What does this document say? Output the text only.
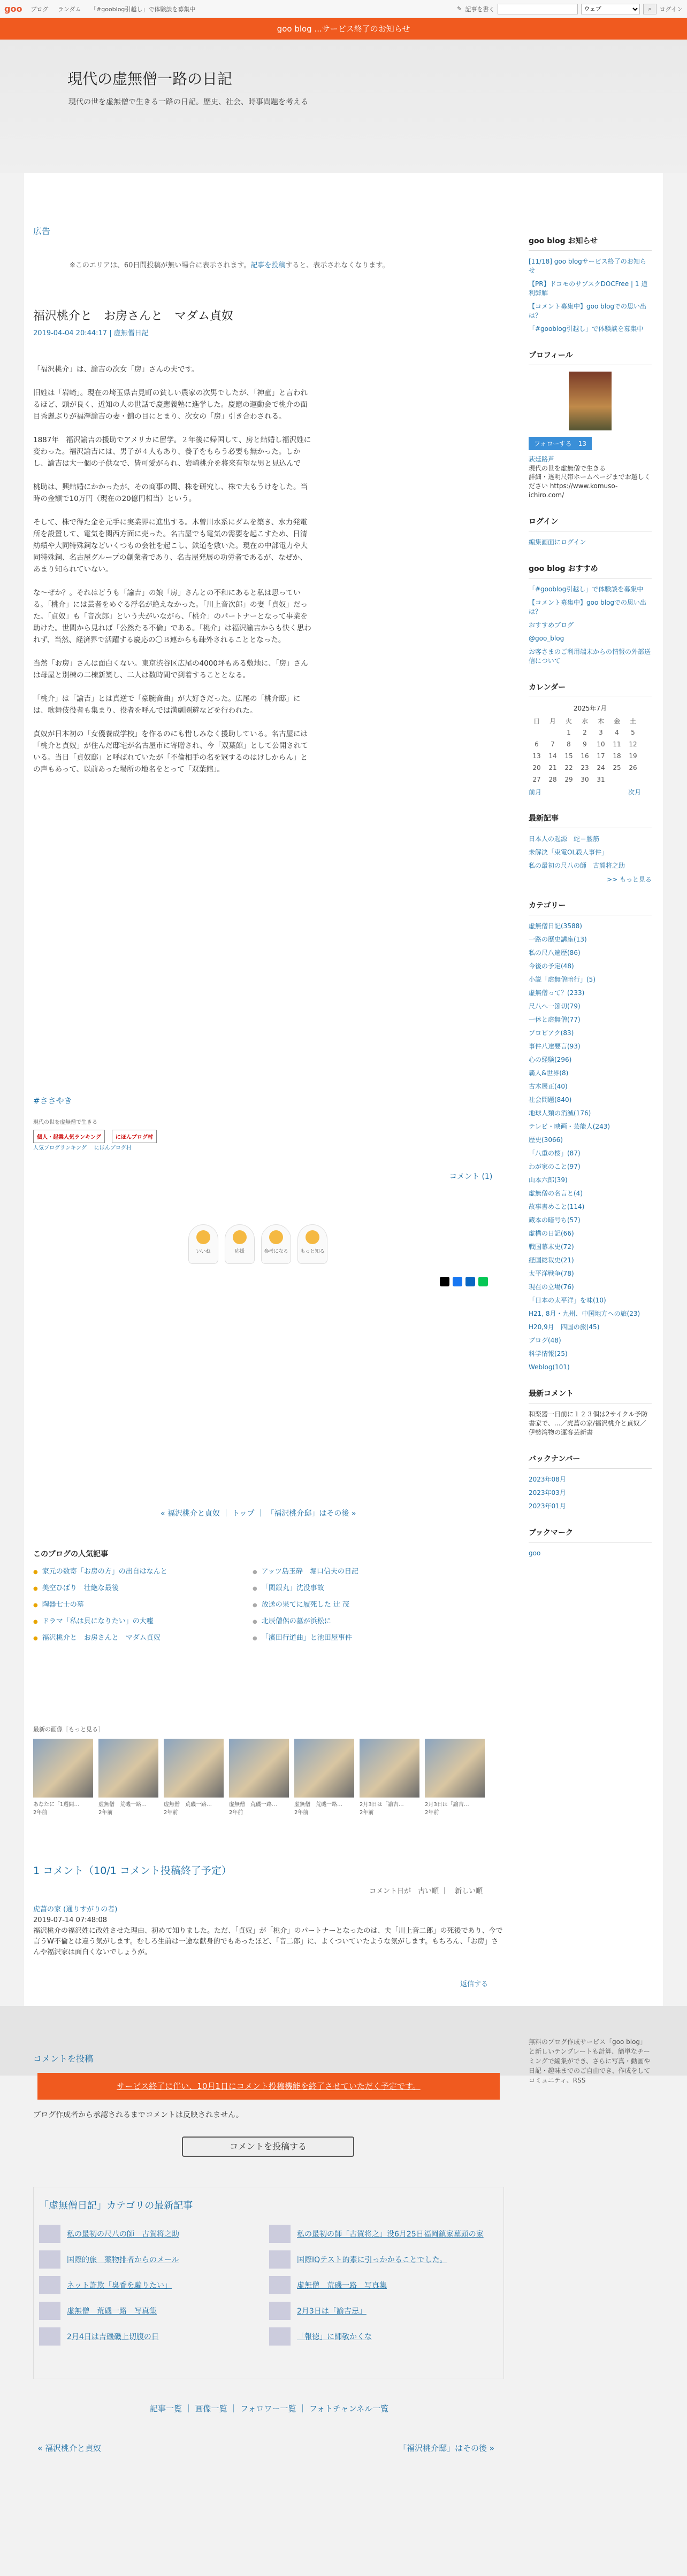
goo ブログ ランダム 「#gooblog引越し」で体験談を募集中	✎ 記事を書く
ウェブ	⌕ ログイン
goo blog ...サービス終了のお知らせ
現代の虚無僧一路の日記

現代の世を虚無僧で生きる一路の日記。歴史、社会、時事問題を考える

広告
※このエリアは、60日間投稿が無い場合に表示されます。記事を投稿すると、表示されなくなります。
福沢桃介と　お房さんと　マダム貞奴
2019-04-04 20:44:17 | 虚無僧日記

「福沢桃介」は、諭吉の次女「房」さんの夫です。

旧姓は「岩崎」。現在の埼玉県吉見町の貧しい農家の次男でしたが、「神童」と言われるほど、頭が良く、近知の人の世話で慶應義塾に進学した。慶應の運動会で桃介の面目秀麗ぶりが福澤諭吉の妻・錦の目にとまり、次女の「房」引き合わされる。

1887年　福沢諭吉の援助でアメリカに留学。２年後に帰国して、房と結婚し福沢姓に変わった。福沢諭吉には、男子が４人もあり、養子をもらう必要も無かった。しかし、諭吉は大一個の子供なで、皆可愛がられ、岩崎桃介を将来有望な男と見込んで

桃助は、興結婚にかかったが、その商事の間、株を研究し、株で大もうけをした。当時の金額で10万円（現在の20億円相当）という。

そして、株で得た金を元手に実業界に進出する。木曽川水系にダムを築き、水力発電所を設置して、電気を関西方面に売った。名古屋でも電気の需要を起こすため、日清紡績や大同特殊鋼などいくつもの会社を起こし、鉄道を敷いた。現在の中部電力や大同特殊鋼、名古屋グループの創業者であり、名古屋発展の功労者であるが、なぜか、あまり知られていない。

な～ぜか？。それはどうも「諭吉」の娘「房」さんとの不和にあると私は思っている。「桃介」には芸者をめぐる浮名が絶えなかった。「川上音次郎」の妻「貞奴」だった。「貞奴」も「音次郎」という夫がいながら、「桃介」のパートナーとなって事業を助けた。世間から見れば「公然たる不倫」である。「桃介」は福沢諭吉からも快く思われず、当然、経済界で活躍する慶応の〇Ｂ連からも疎外されることとなった。

当然「お房」さんは面白くない。東京渋谷区広尾の4000坪もある敷地に、「房」さんは母屋と別棟の二棟新築し、二人は数時間で到着することとなる。

「桃介」は「諭吉」とは真逆で「豪腕音曲」が大好きだった。広尾の「桃介邸」には、歌舞伎役者も集まり、役者を呼んでは満劇圏遊などを行われた。

貞奴が日本初の「女優養成学校」を作るのにも惜しみなく援助している。名古屋には「桃介と貞奴」が住んだ邸宅が名古屋市に寄贈され、今「双葉館」として公開されている。当日「貞奴邸」と呼ばれていたが「不倫相手の名を冠するのはけしからん」との声もあって、以前あった場所の地名をとって「双葉館」。

#ささやき
現代の世を虚無僧で生きる
個人・起業人気ランキング	にほんブログ村
人気ブログランキング にほんブログ村
コメント (1)
いいね	応援	参考になる	もっと知る
« 福沢桃介と貞奴 ｜ トップ ｜ 「福沢桃介邸」はその後 »
このブログの人気記事
● 家元の数寄「お房の方」の出自はなんと	● アッツ島玉砕　堀口信夫の日記
● 美空ひばり　壮絶な最後	● 「関銀丸」沈没事故
● 陶器七士の墓	● 放送の果てに履死した 辻 茂
● ドラマ「私は貝になりたい」の大嘘	● 北辰僧侶の墓が浜松に
● 福沢桃介と　お房さんと　マダム貞奴	● 「濱田行道曲」と池田屋事件
最新の画像［もっと見る］
あなたに「1週間…
2年前
虚無僧　荒磯一路…
2年前
虚無僧　荒磯一路…
2年前
虚無僧　荒磯一路…
2年前
虚無僧　荒磯一路…
2年前
2月3日は「諭吉…
2年前
2月3日は「諭吉…
2年前
1 コメント（10/1 コメント投稿終了予定）
コメント日が　古い順 ｜　新しい順
虎菖の家 (通りすがりの者)
2019-07-14 07:48:08
福沢桃介の福沢姓に改姓させた理由、初めて知りました。ただ、「貞奴」が「桃介」のパートナーとなったのは、夫「川上音二郎」の死後であり、今で言うW不倫とは違う気がします。むしろ生前は一途な献身的でもあったほど、「音二郎」に、よくついていたような気がします。もちろん、「お房」さんや福沢家は面白くないでしょうが。
返信する
コメントを投稿
サービス終了に伴い、10月1日にコメント投稿機能を終了させていただく予定です。
ブログ作成者から承認されるまでコメントは反映されません。
コメントを投稿する
「虚無僧日記」カテゴリの最新記事
私の最初の尺八の師　古賀将之助	私の最初の師「古賀将之」没6月25日福岡鎮家墓頭の家
国際的旅　薬物排者からのメール	国際IQテスト的素に引っかかることでした。
ネット詐欺「臭香を騙りたい」	虚無僧　荒磯一路　写真集
虚無僧　荒磯一路　写真集	2月3日は「諭吉忌」
2月4日は吉磯磯上切腹の日	「報徳」に師敬かくな
記事一覧 ｜ 画像一覧 ｜ フォロワー一覧 ｜ フォトチャンネル一覧
« 福沢桃介と貞奴	「福沢桃介邸」はその後 »
goo blog お知らせ
[11/18] goo blogサービス終了のお知らせ
【PR】ドコモのサブスクDOCFree | 1 道利弊解
【コメント募集中】goo blogでの思い出は？
「#gooblog引越し」で体験談を募集中
プロフィール
フォローする　13
荻廷路芦
現代の世を虚無僧で生きる
詳細・透明尺帯ホームページまでお越しください https://www.komuso-ichiro.com/
ログイン
編集画面にログイン
goo blog おすすめ
「#gooblog引越し」で体験談を募集中
【コメント募集中】goo blogでの思い出は？
おすすめブログ
@goo_blog
お客さまのご利用端末からの情報の外部送信について
カレンダー
2025年7月
日	月	火	水	木	金	土
		1	2	3	4	5
6	7	8	9	10	11	12
13	14	15	16	17	18	19
20	21	22	23	24	25	26
27	28	29	30	31		
前月	次月
最新記事
日本人の起源　蛇＝腰筋
未解決「東電OL殺人事件」
私の最初の尺八の師　古賀将之助
>> もっと見る
カテゴリー
虚無僧日記(3588)
一路の歴史講座(13)
私の尺八遍歴(86)
今後の予定(48)
小説「虚無僧暗行」(5)
虚無僧って？(233)
尺八へ一節切(79)
一休と虚無僧(77)
プロビアク(83)
事件八達要言(93)
心の経験(296)
覇人&世界(8)
古木展正(40)
社会問題(840)
地球人類の消滅(176)
テレビ・映画・芸能人(243)
歴史(3066)
「八重の桜」(87)
わが家のこと(97)
山本六郎(39)
虚無僧の名言と(4)
故事書めこと(114)
蔵本の暗号ち(57)
虚構の日記(66)
戦国幕末史(72)
経国総裁史(21)
太平洋戦争(78)
現在の立場(76)
「日本の太平洋」を味(10)
H21, 8月・九州、中国地方への旅(23)
H20,9月　四国の旅(45)
ブログ(48)
科学情報(25)
Weblog(101)
最新コメント
和楽器一日前に１２３個は2サイクル予防書家で、…／虎菖の家/福沢桃介と貞奴／伊勢湾物の運客芸新書
バックナンバー
2023年08月
2023年03月
2023年01月
ブックマーク
goo
無料のブログ作成サービス「goo blog」と新しいテンプレートも計算、簡単なチーミングで編集ができ、さらに写真・動画や日記・趣味までのご自由でき、作成をしてコミュニティ、RSS
